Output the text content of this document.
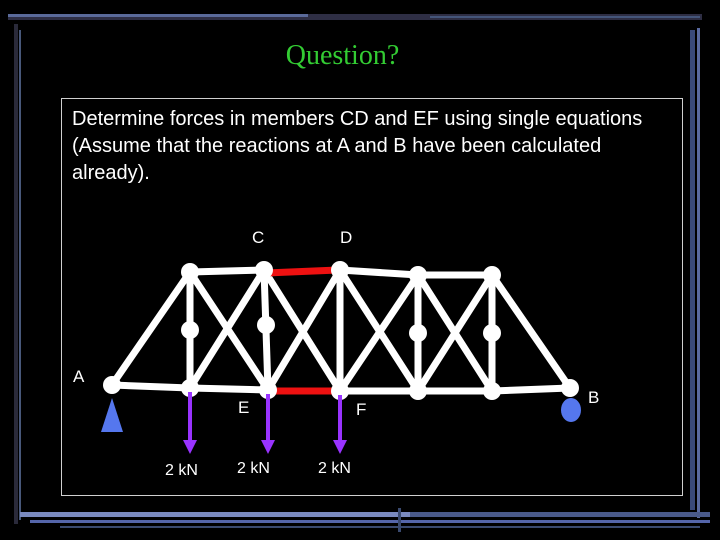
Question?
Determine forces in members CD and EF using single equations (Assume that the reactions at A and B have been calculated already).
C	D
A
E	F
B
2 kN 2 kN	2 kN
